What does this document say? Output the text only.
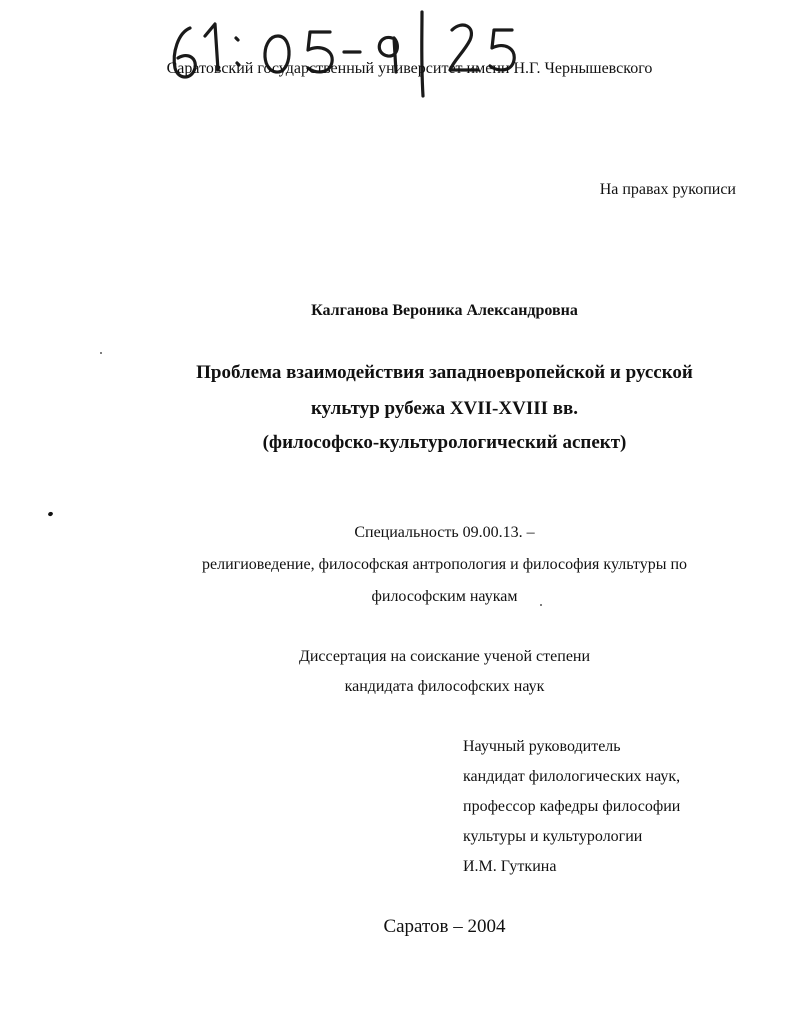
Саратовский государственный университет имени Н.Г. Чернышевского
На правах рукописи
Калганова Вероника Александровна
Проблема взаимодействия западноевропейской и русской
культур рубежа XVII-XVIII вв.
(философско-культурологический аспект)
Специальность 09.00.13. –
религиоведение, философская антропология и философия культуры по
философским наукам
Диссертация на соискание ученой степени
кандидата философских наук
Научный руководитель
кандидат филологических наук,
профессор кафедры философии
культуры и культурологии
И.М. Гуткина
Саратов – 2004
